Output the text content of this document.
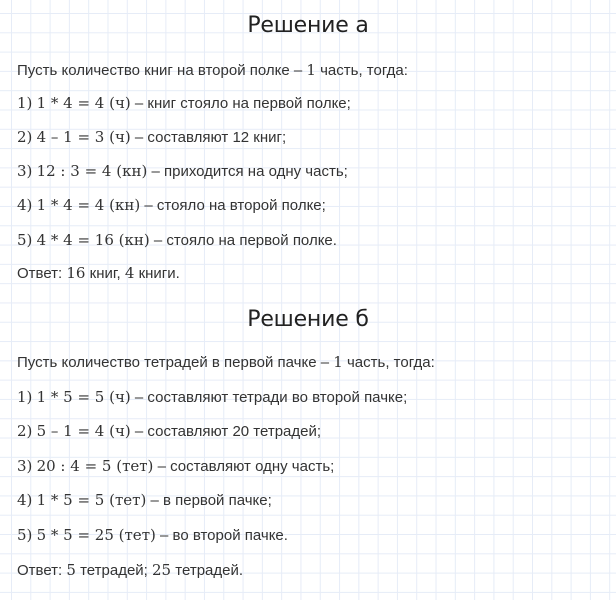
Решение а

Пусть количество книг на второй полке – 1 часть, тогда:

1) 1 * 4 = 4 (ч) – книг стояло на первой полке;

2) 4 – 1 = 3 (ч) – составляют 12 книг;

3) 12 : 3 = 4 (кн) – приходится на одну часть;

4) 1 * 4 = 4 (кн) – стояло на второй полке;

5) 4 * 4 = 16 (кн) – стояло на первой полке.

Ответ: 16 книг, 4 книги.

Решение б

Пусть количество тетрадей в первой пачке – 1 часть, тогда:

1) 1 * 5 = 5 (ч) – составляют тетради во второй пачке;

2) 5 – 1 = 4 (ч) – составляют 20 тетрадей;

3) 20 : 4 = 5 (тет) – составляют одну часть;

4) 1 * 5 = 5 (тет) – в первой пачке;

5) 5 * 5 = 25 (тет) – во второй пачке.

Ответ: 5 тетрадей; 25 тетрадей.
